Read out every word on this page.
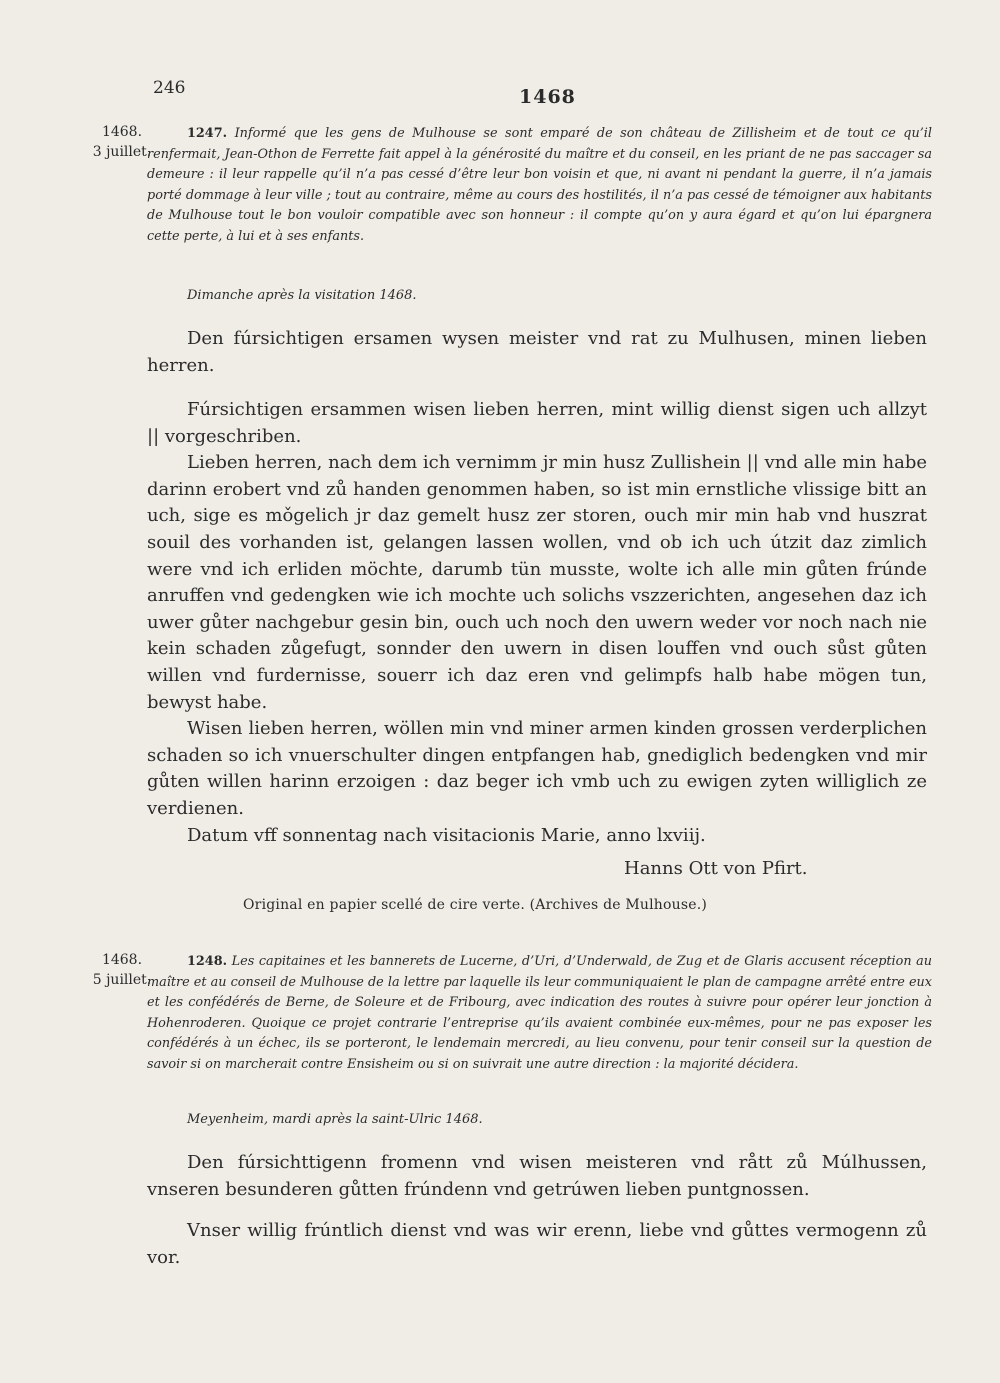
246	1468
1468.
3 juillet.
1247. Informé que les gens de Mulhouse se sont emparé de son château de Zillisheim et de tout ce qu’il renfermait, Jean-Othon de Ferrette fait appel à la générosité du maître et du conseil, en les priant de ne pas saccager sa demeure : il leur rappelle qu’il n’a pas cessé d’être leur bon voisin et que, ni avant ni pendant la guerre, il n’a jamais porté dommage à leur ville ; tout au contraire, même au cours des hostilités, il n’a pas cessé de témoigner aux habitants de Mulhouse tout le bon vouloir compatible avec son honneur : il compte qu’on y aura égard et qu’on lui épargnera cette perte, à lui et à ses enfants.
Dimanche après la visitation 1468.

Den fúrsichtigen ersamen wysen meister vnd rat zu Mulhusen, minen lieben herren.

Fúrsichtigen ersammen wisen lieben herren, mint willig dienst sigen uch allzyt || vorgeschriben.

Lieben herren, nach dem ich vernimm jr min husz Zullishein || vnd alle min habe darinn erobert vnd zů handen genommen haben, so ist min ernstliche vlissige bitt an uch, sige es mǒgelich jr daz gemelt husz zer storen, ouch mir min hab vnd huszrat souil des vorhanden ist, gelangen lassen wollen, vnd ob ich uch útzit daz zimlich were vnd ich erliden möchte, darumb tün musste, wolte ich alle min gůten frúnde anruffen vnd gedengken wie ich mochte uch solichs vszzerichten, angesehen daz ich uwer gůter nachgebur gesin bin, ouch uch noch den uwern weder vor noch nach nie kein schaden zůgefugt, sonnder den uwern in disen louffen vnd ouch sůst gůten willen vnd furdernisse, souerr ich daz eren vnd gelimpfs halb habe mögen tun, bewyst habe.

Wisen lieben herren, wöllen min vnd miner armen kinden grossen verderplichen schaden so ich vnuerschulter dingen entpfangen hab, gnediglich bedengken vnd mir gůten willen harinn erzoigen : daz beger ich vmb uch zu ewigen zyten williglich ze verdienen.

Datum vff sonnentag nach visitacionis Marie, anno lxviij.

Hanns Ott von Pfirt.
Original en papier scellé de cire verte. (Archives de Mulhouse.)
1468.
5 juillet.
1248. Les capitaines et les bannerets de Lucerne, d’Uri, d’Underwald, de Zug et de Glaris accusent réception au maître et au conseil de Mulhouse de la lettre par laquelle ils leur communiquaient le plan de campagne arrêté entre eux et les confédérés de Berne, de Soleure et de Fribourg, avec indication des routes à suivre pour opérer leur jonction à Hohenroderen. Quoique ce projet contrarie l’entreprise qu’ils avaient combinée eux-mêmes, pour ne pas exposer les confédérés à un échec, ils se porteront, le lendemain mercredi, au lieu convenu, pour tenir conseil sur la question de savoir si on marcherait contre Ensisheim ou si on suivrait une autre direction : la majorité décidera.
Meyenheim, mardi après la saint-Ulric 1468.

Den fúrsichttigenn fromenn vnd wisen meisteren vnd rått zů Múlhussen, vnseren besunderen gůtten frúndenn vnd getrúwen lieben puntgnossen.

Vnser willig frúntlich dienst vnd was wir erenn, liebe vnd gůttes vermogenn zů vor.
